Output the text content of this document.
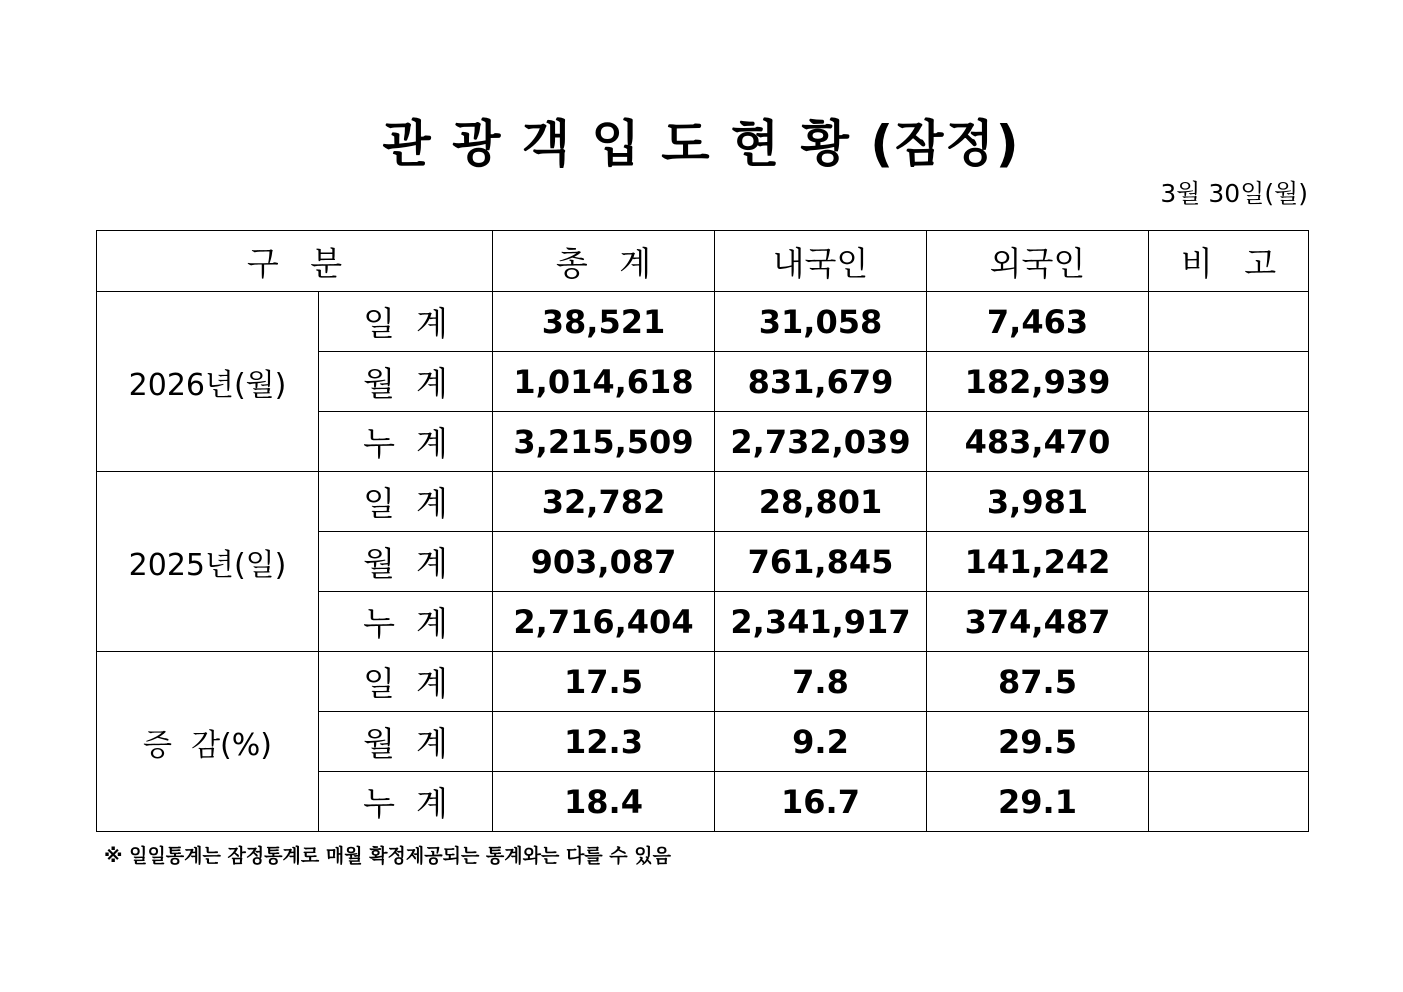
관 광 객 입 도 현 황 (잠정)
3월 30일(월)
구   분		총   계	내국인	외국인	비   고
2026년(월)	일  계	38,521	31,058	7,463	
	월  계	1,014,618	831,679	182,939	
	누  계	3,215,509	2,732,039	483,470	
2025년(일)	일  계	32,782	28,801	3,981	
	월  계	903,087	761,845	141,242	
	누  계	2,716,404	2,341,917	374,487	
증  감(%)	일  계	17.5	7.8	87.5	
	월  계	12.3	9.2	29.5	
	누  계	18.4	16.7	29.1	
※ 일일통계는 잠정통계로 매월 확정제공되는 통계와는 다를 수 있음
